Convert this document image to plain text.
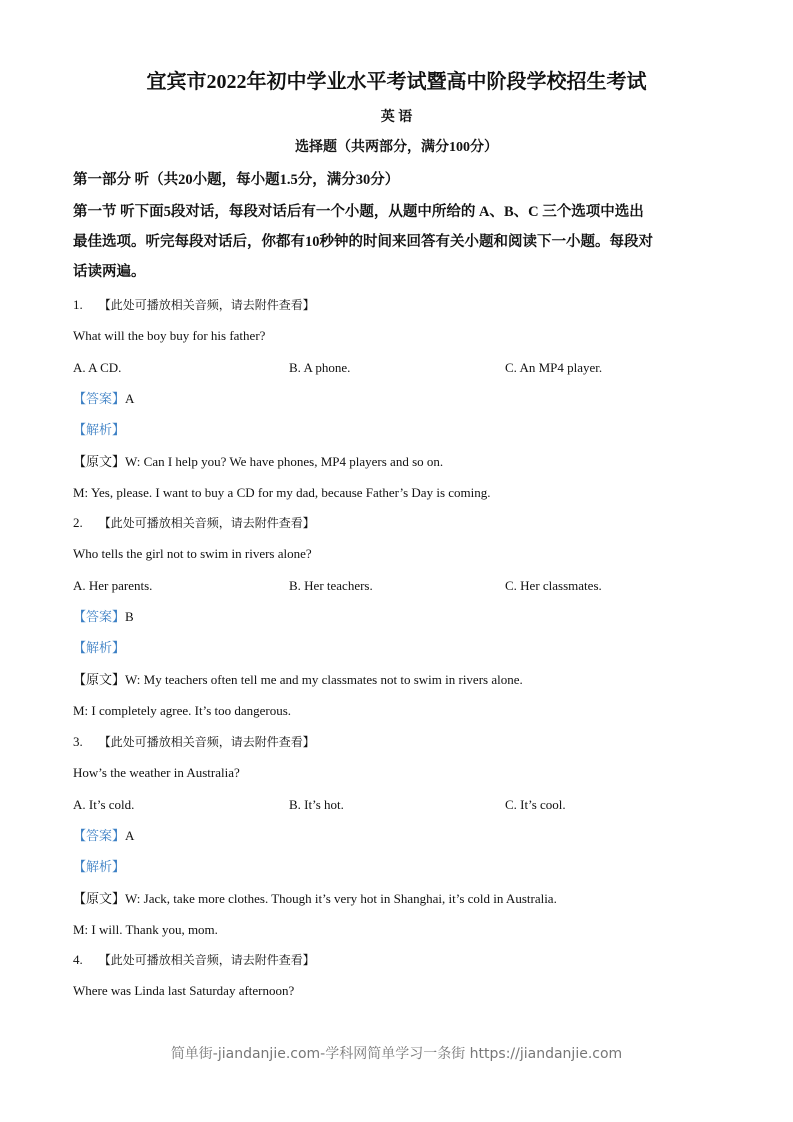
宜宾市2022年初中学业水平考试暨高中阶段学校招生考试
英 语
选择题（共两部分，满分100分）
第一部分 听（共20小题，每小题1.5分，满分30分）
第一节 听下面5段对话，每段对话后有一个小题，从题中所给的 A、B、C 三个选项中选出
最佳选项。听完每段对话后，你都有10秒钟的时间来回答有关小题和阅读下一小题。每段对
话读两遍。
1. 【此处可播放相关音频，请去附件查看】
What will the boy buy for his father?
A. A CD.	B. A phone.	C. An MP4 player.
【答案】A
【解析】
【原文】W: Can I help you? We have phones, MP4 players and so on.
M: Yes, please. I want to buy a CD for my dad, because Father’s Day is coming.
2. 【此处可播放相关音频，请去附件查看】
Who tells the girl not to swim in rivers alone?
A. Her parents.	B. Her teachers.	C. Her classmates.
【答案】B
【解析】
【原文】W: My teachers often tell me and my classmates not to swim in rivers alone.
M: I completely agree. It’s too dangerous.
3. 【此处可播放相关音频，请去附件查看】
How’s the weather in Australia?
A. It’s cold.	B. It’s hot.	C. It’s cool.
【答案】A
【解析】
【原文】W: Jack, take more clothes. Though it’s very hot in Shanghai, it’s cold in Australia.
M: I will. Thank you, mom.
4. 【此处可播放相关音频，请去附件查看】
Where was Linda last Saturday afternoon?
简单街-jiandanjie.com-学科网简单学习一条街 https://jiandanjie.com
